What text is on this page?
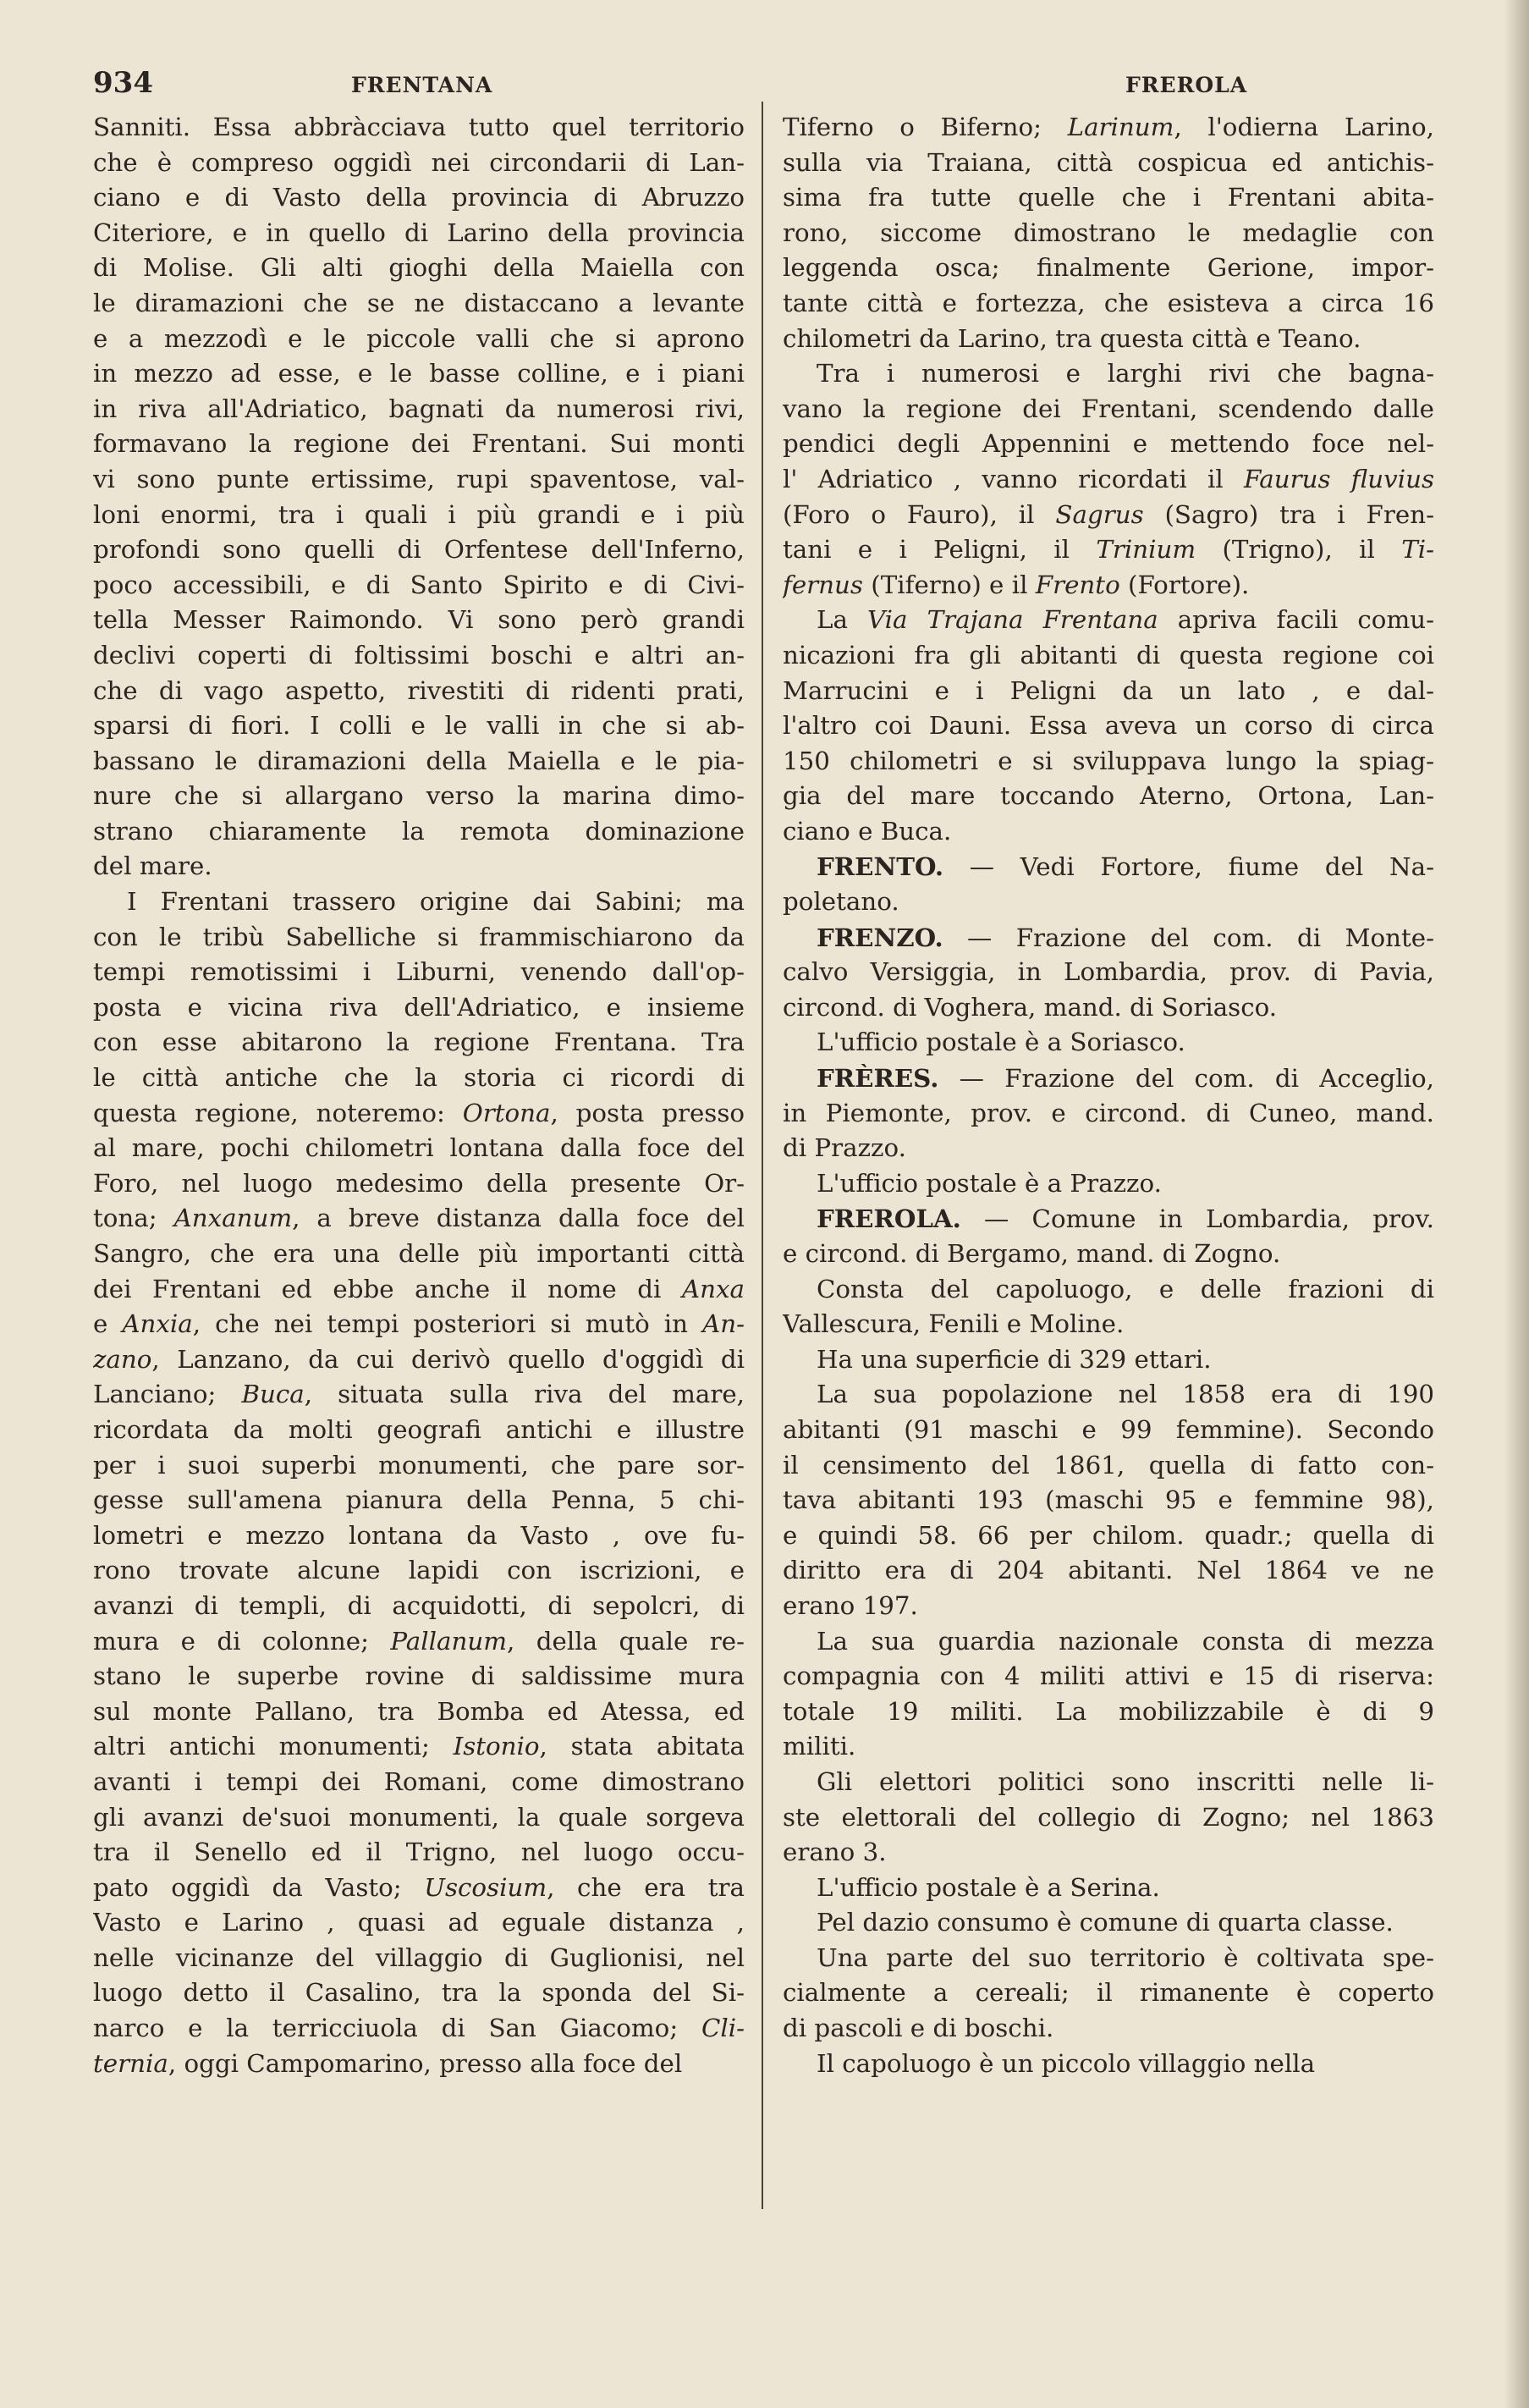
934	FRENTANA	FREROLA
Sanniti. Essa abbràcciava tutto quel territorio
che è compreso oggidì nei circondarii di Lan-
ciano e di Vasto della provincia di Abruzzo
Citeriore, e in quello di Larino della provincia
di Molise. Gli alti gioghi della Maiella con
le diramazioni che se ne distaccano a levante
e a mezzodì e le piccole valli che si aprono
in mezzo ad esse, e le basse colline, e i piani
in riva all'Adriatico, bagnati da numerosi rivi,
formavano la regione dei Frentani. Sui monti
vi sono punte ertissime, rupi spaventose, val-
loni enormi, tra i quali i più grandi e i più
profondi sono quelli di Orfentese dell'Inferno,
poco accessibili, e di Santo Spirito e di Civi-
tella Messer Raimondo. Vi sono però grandi
declivi coperti di foltissimi boschi e altri an-
che di vago aspetto, rivestiti di ridenti prati,
sparsi di fiori. I colli e le valli in che si ab-
bassano le diramazioni della Maiella e le pia-
nure che si allargano verso la marina dimo-
strano chiaramente la remota dominazione
del mare.
I Frentani trassero origine dai Sabini; ma
con le tribù Sabelliche si frammischiarono da
tempi remotissimi i Liburni, venendo dall'op-
posta e vicina riva dell'Adriatico, e insieme
con esse abitarono la regione Frentana. Tra
le città antiche che la storia ci ricordi di
questa regione, noteremo: Ortona, posta presso
al mare, pochi chilometri lontana dalla foce del
Foro, nel luogo medesimo della presente Or-
tona; Anxanum, a breve distanza dalla foce del
Sangro, che era una delle più importanti città
dei Frentani ed ebbe anche il nome di Anxa
e Anxia, che nei tempi posteriori si mutò in An-
zano, Lanzano, da cui derivò quello d'oggidì di
Lanciano; Buca, situata sulla riva del mare,
ricordata da molti geografi antichi e illustre
per i suoi superbi monumenti, che pare sor-
gesse sull'amena pianura della Penna, 5 chi-
lometri e mezzo lontana da Vasto , ove fu-
rono trovate alcune lapidi con iscrizioni, e
avanzi di templi, di acquidotti, di sepolcri, di
mura e di colonne; Pallanum, della quale re-
stano le superbe rovine di saldissime mura
sul monte Pallano, tra Bomba ed Atessa, ed
altri antichi monumenti; Istonio, stata abitata
avanti i tempi dei Romani, come dimostrano
gli avanzi de'suoi monumenti, la quale sorgeva
tra il Senello ed il Trigno, nel luogo occu-
pato oggidì da Vasto; Uscosium, che era tra
Vasto e Larino , quasi ad eguale distanza ,
nelle vicinanze del villaggio di Guglionisi, nel
luogo detto il Casalino, tra la sponda del Si-
narco e la terricciuola di San Giacomo; Cli-
ternia, oggi Campomarino, presso alla foce del
Tiferno o Biferno; Larinum, l'odierna Larino,
sulla via Traiana, città cospicua ed antichis-
sima fra tutte quelle che i Frentani abita-
rono, siccome dimostrano le medaglie con
leggenda osca; finalmente Gerione, impor-
tante città e fortezza, che esisteva a circa 16
chilometri da Larino, tra questa città e Teano.
Tra i numerosi e larghi rivi che bagna-
vano la regione dei Frentani, scendendo dalle
pendici degli Appennini e mettendo foce nel-
l' Adriatico , vanno ricordati il Faurus fluvius
(Foro o Fauro), il Sagrus (Sagro) tra i Fren-
tani e i Peligni, il Trinium (Trigno), il Ti-
fernus (Tiferno) e il Frento (Fortore).
La Via Trajana Frentana apriva facili comu-
nicazioni fra gli abitanti di questa regione coi
Marrucini e i Peligni da un lato , e dal-
l'altro coi Dauni. Essa aveva un corso di circa
150 chilometri e si sviluppava lungo la spiag-
gia del mare toccando Aterno, Ortona, Lan-
ciano e Buca.
FRENTO. — Vedi Fortore, fiume del Na-
poletano.
FRENZO. — Frazione del com. di Monte-
calvo Versiggia, in Lombardia, prov. di Pavia,
circond. di Voghera, mand. di Soriasco.
L'ufficio postale è a Soriasco.
FRÈRES. — Frazione del com. di Acceglio,
in Piemonte, prov. e circond. di Cuneo, mand.
di Prazzo.
L'ufficio postale è a Prazzo.
FREROLA. — Comune in Lombardia, prov.
e circond. di Bergamo, mand. di Zogno.
Consta del capoluogo, e delle frazioni di
Vallescura, Fenili e Moline.
Ha una superficie di 329 ettari.
La sua popolazione nel 1858 era di 190
abitanti (91 maschi e 99 femmine). Secondo
il censimento del 1861, quella di fatto con-
tava abitanti 193 (maschi 95 e femmine 98),
e quindi 58. 66 per chilom. quadr.; quella di
diritto era di 204 abitanti. Nel 1864 ve ne
erano 197.
La sua guardia nazionale consta di mezza
compagnia con 4 militi attivi e 15 di riserva:
totale 19 militi. La mobilizzabile è di 9
militi.
Gli elettori politici sono inscritti nelle li-
ste elettorali del collegio di Zogno; nel 1863
erano 3.
L'ufficio postale è a Serina.
Pel dazio consumo è comune di quarta classe.
Una parte del suo territorio è coltivata spe-
cialmente a cereali; il rimanente è coperto
di pascoli e di boschi.
Il capoluogo è un piccolo villaggio nella
